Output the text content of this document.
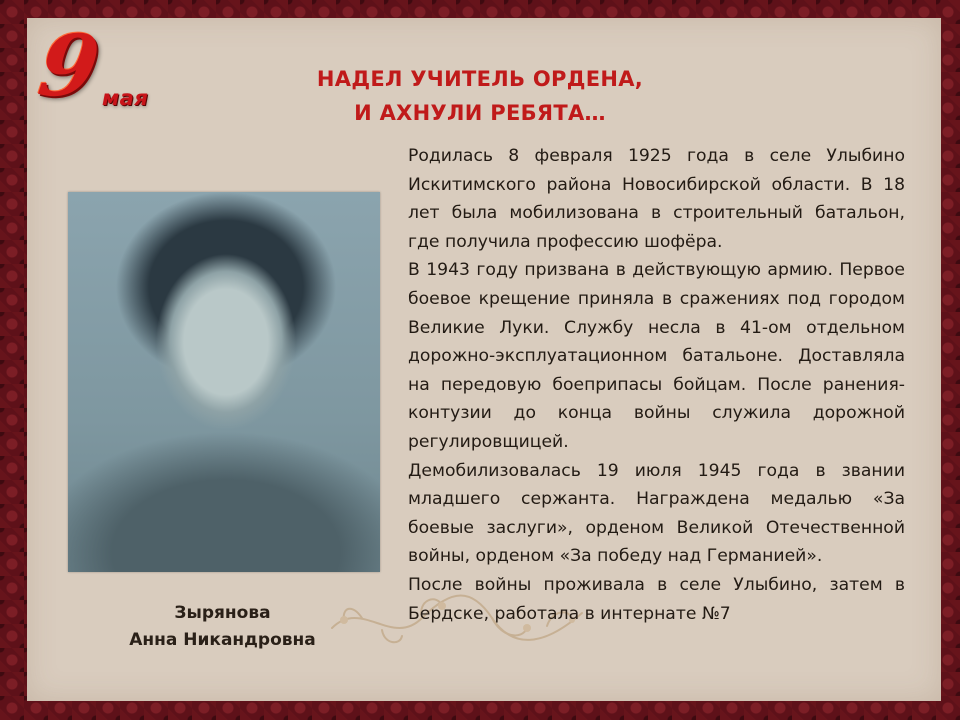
9
мая
НАДЕЛ УЧИТЕЛЬ ОРДЕНА,
И АХНУЛИ РЕБЯТА…
Зырянова
Анна Никандровна

Родилась 8 февраля 1925 года в селе Улыбино Искитимского района Новосибирской области. В 18 лет была мобилизована в строительный батальон, где получила профессию шофёра.

В 1943 году призвана в действующую армию. Первое боевое крещение приняла в сражениях под городом Великие Луки. Службу несла в 41-ом отдельном дорожно-эксплуатационном батальоне. Доставляла на передовую боеприпасы бойцам. После ранения-контузии до конца войны служила дорожной регулировщицей.

Демобилизовалась 19 июля 1945 года в звании младшего сержанта. Награждена медалью «За боевые заслуги», орденом Великой Отечественной войны, орденом «За победу над Германией».

После войны проживала в селе Улыбино, затем в Бердске, работала в интернате №7
